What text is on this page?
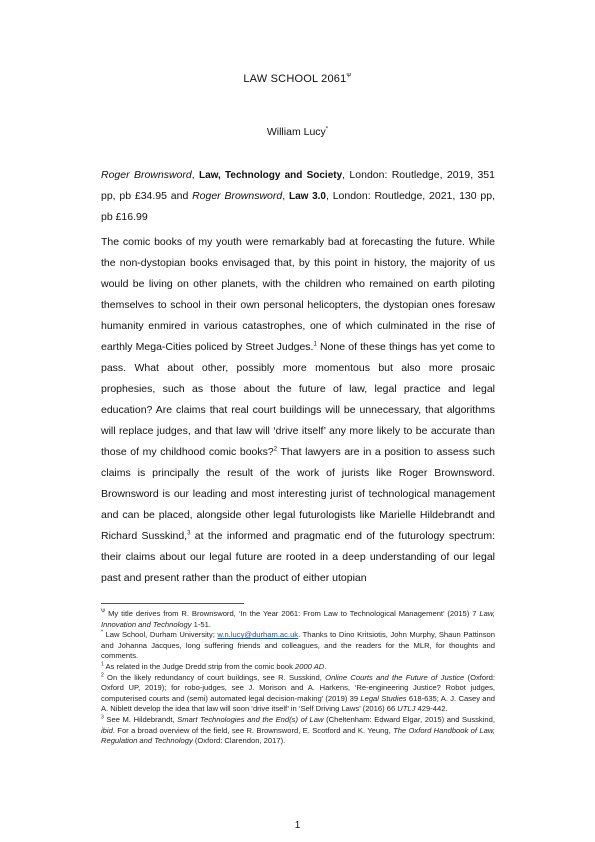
LAW SCHOOL $2061^\Psi$
William Lucy*
Roger Brownsword, Law, Technology and Society, London: Routledge, 2019, 351 pp, pb £34.95 and Roger Brownsword, Law 3.0, London: Routledge, 2021, 130 pp, pb £16.99
The comic books of my youth were remarkably bad at forecasting the future. While the non-dystopian books envisaged that, by this point in history, the majority of us would be living on other planets, with the children who remained on earth piloting themselves to school in their own personal helicopters, the dystopian ones foresaw humanity enmired in various catastrophes, one of which culminated in the rise of earthly Mega-Cities policed by Street Judges.$^1$ None of these things has yet come to pass. What about other, possibly more momentous but also more prosaic prophesies, such as those about the future of law, legal practice and legal education? Are claims that real court buildings will be unnecessary, that algorithms will replace judges, and that law will ‘drive itself’ any more likely to be accurate than those of my childhood comic books?$^2$ That lawyers are in a position to assess such claims is principally the result of the work of jurists like Roger Brownsword. Brownsword is our leading and most interesting jurist of technological management and can be placed, alongside other legal futurologists like Marielle Hildebrandt and Richard Susskind,$^3$ at the informed and pragmatic end of the futurology spectrum: their claims about our legal future are rooted in a deep understanding of our legal past and present rather than the product of either utopian

$^\Psi$ My title derives from R. Brownsword, ‘In the Year 2061: From Law to Technological Management’ (2015) 7 Law, Innovation and Technology 1-51.

* Law School, Durham University; w.n.lucy@durham.ac.uk. Thanks to Dino Kritsiotis, John Murphy, Shaun Pattinson and Johanna Jacques, long suffering friends and colleagues, and the readers for the MLR, for thoughts and comments.

$^1$ As related in the Judge Dredd strip from the comic book 2000 AD.

$^2$ On the likely redundancy of court buildings, see R. Susskind, Online Courts and the Future of Justice (Oxford: Oxford UP, 2019); for robo-judges, see J. Morison and A. Harkens, ‘Re-engineering Justice? Robot judges, computerised courts and (semi) automated legal decision-making’ (2019) 39 Legal Studies 618-635; A. J. Casey and A. Niblett develop the idea that law will soon ‘drive itself’ in ‘Self Driving Laws’ (2016) 66 UTLJ 429-442.

$^3$ See M. Hildebrandt, Smart Technologies and the End(s) of Law (Cheltenham: Edward Elgar, 2015) and Susskind, ibid. For a broad overview of the field, see R. Brownsword, E. Scotford and K. Yeung, The Oxford Handbook of Law, Regulation and Technology (Oxford: Clarendon, 2017).

1
